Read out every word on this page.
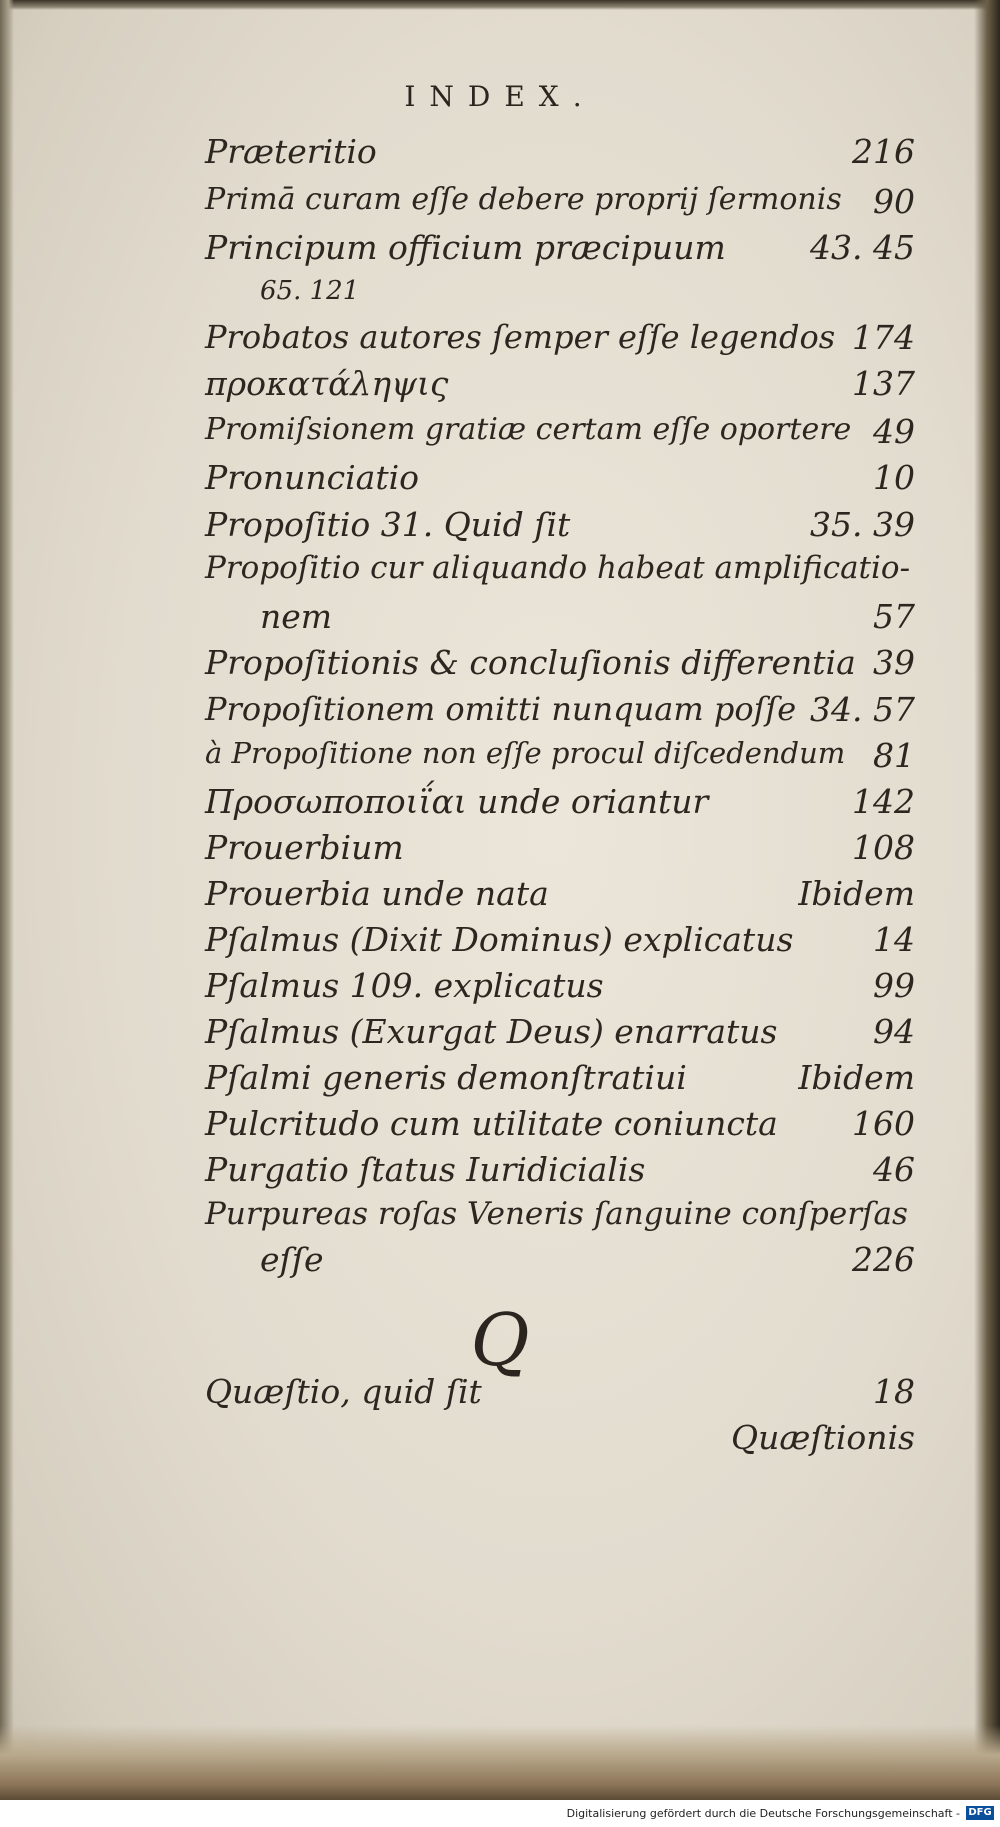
INDEX.
Præteritio	216
Primā curam eſſe debere proprij ſermonis 90
Principum officium præcipuum	43. 45
65. 121
Probatos autores ſemper eſſe legendos 174
προκατάληψις	137
Promiſsionem gratiæ certam eſſe oportere 49
Pronunciatio	10
Propoſitio 31. Quid ſit	35. 39
Propoſitio cur aliquando habeat amplificatio-
nem	57
Propoſitionis & concluſionis differentia 39
Propoſitionem omitti nunquam poſſe 34. 57
à Propoſitione non eſſe procul diſcedendum 81
Προσωποποιΐαι unde oriantur	142
Prouerbium	108
Prouerbia unde nata	Ibidem
Pſalmus (Dixit Dominus) explicatus 14
Pſalmus 109. explicatus	99
Pſalmus (Exurgat Deus) enarratus	94
Pſalmi generis demonſtratiui	Ibidem
Pulcritudo cum utilitate coniuncta 160
Purgatio ſtatus Iuridicialis	46
Purpureas roſas Veneris ſanguine conſperſas
eſſe	226
Q
Quæſtio, quid ſit	18
Quæſtionis
Digitalisierung gefördert durch die Deutsche Forschungsgemeinschaft - DFG
